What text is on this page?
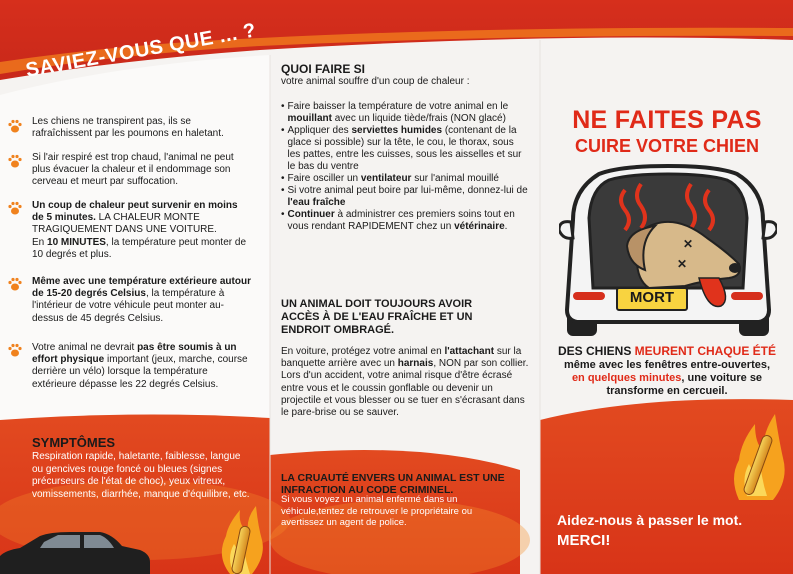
SAVIEZ-VOUS QUE ... ?

Les chiens ne transpirent pas, ils se rafraîchissent par les poumons en haletant.

Si l'air respiré est trop chaud, l'animal ne peut plus évacuer la chaleur et il endommage son cerveau et meurt par suffocation.

Un coup de chaleur peut survenir en moins de 5 minutes. LA CHALEUR MONTE TRAGIQUEMENT DANS UNE VOITURE.
En 10 MINUTES, la température peut monter de 10 degrés et plus.

Même avec une température extérieure autour de 15-20 degrés Celsius, la température à l'intérieur de votre véhicule peut monter au-dessus de 45 degrés Celsius.

Votre animal ne devrait pas être soumis à un effort physique important (jeux, marche, course derrière un vélo) lorsque la température extérieure dépasse les 22 degrés Celsius.

SYMPTÔMES

Respiration rapide, haletante, faiblesse, langue ou gencives rouge foncé ou bleues (signes précurseurs de l'état de choc), yeux vitreux, vomissements, diarrhée, manque d'équilibre, etc.

QUOI FAIRE SI
votre animal souffre d'un coup de chaleur :
• Faire baisser la température de votre animal en le mouillant avec un liquide tiède/frais (NON glacé)
• Appliquer des serviettes humides (contenant de la glace si possible) sur la tête, le cou, le thorax, sous les pattes, entre les cuisses, sous les aisselles et sur le bas du ventre
• Faire osciller un ventilateur sur l'animal mouillé
• Si votre animal peut boire par lui-même, donnez-lui de l'eau fraîche
• Continuer à administrer ces premiers soins tout en vous rendant RAPIDEMENT chez un vétérinaire.
UN ANIMAL DOIT TOUJOURS AVOIR ACCÈS À DE L'EAU FRAÎCHE ET UN ENDROIT OMBRAGÉ.

En voiture, protégez votre animal en l'attachant sur la banquette arrière avec un harnais, NON par son collier. Lors d'un accident, votre animal risque d'être écrasé entre vous et le coussin gonflable ou devenir un projectile et vous blesser ou se tuer en s'écrasant dans le pare-brise ou se sauver.

LA CRUAUTÉ ENVERS UN ANIMAL EST UNE INFRACTION AU CODE CRIMINEL.

Si vous voyez un animal enfermé dans un véhicule,tentez de retrouver le propriétaire ou avertissez un agent de police.

NE FAITES PAS
CUIRE VOTRE CHIEN
✕
✕
MORT
DES CHIENS MEURENT CHAQUE ÉTÉ
même avec les fenêtres entre-ouvertes,
en quelques minutes, une voiture se
transforme en cercueil.
Aidez-nous à passer le mot.
MERCI!
